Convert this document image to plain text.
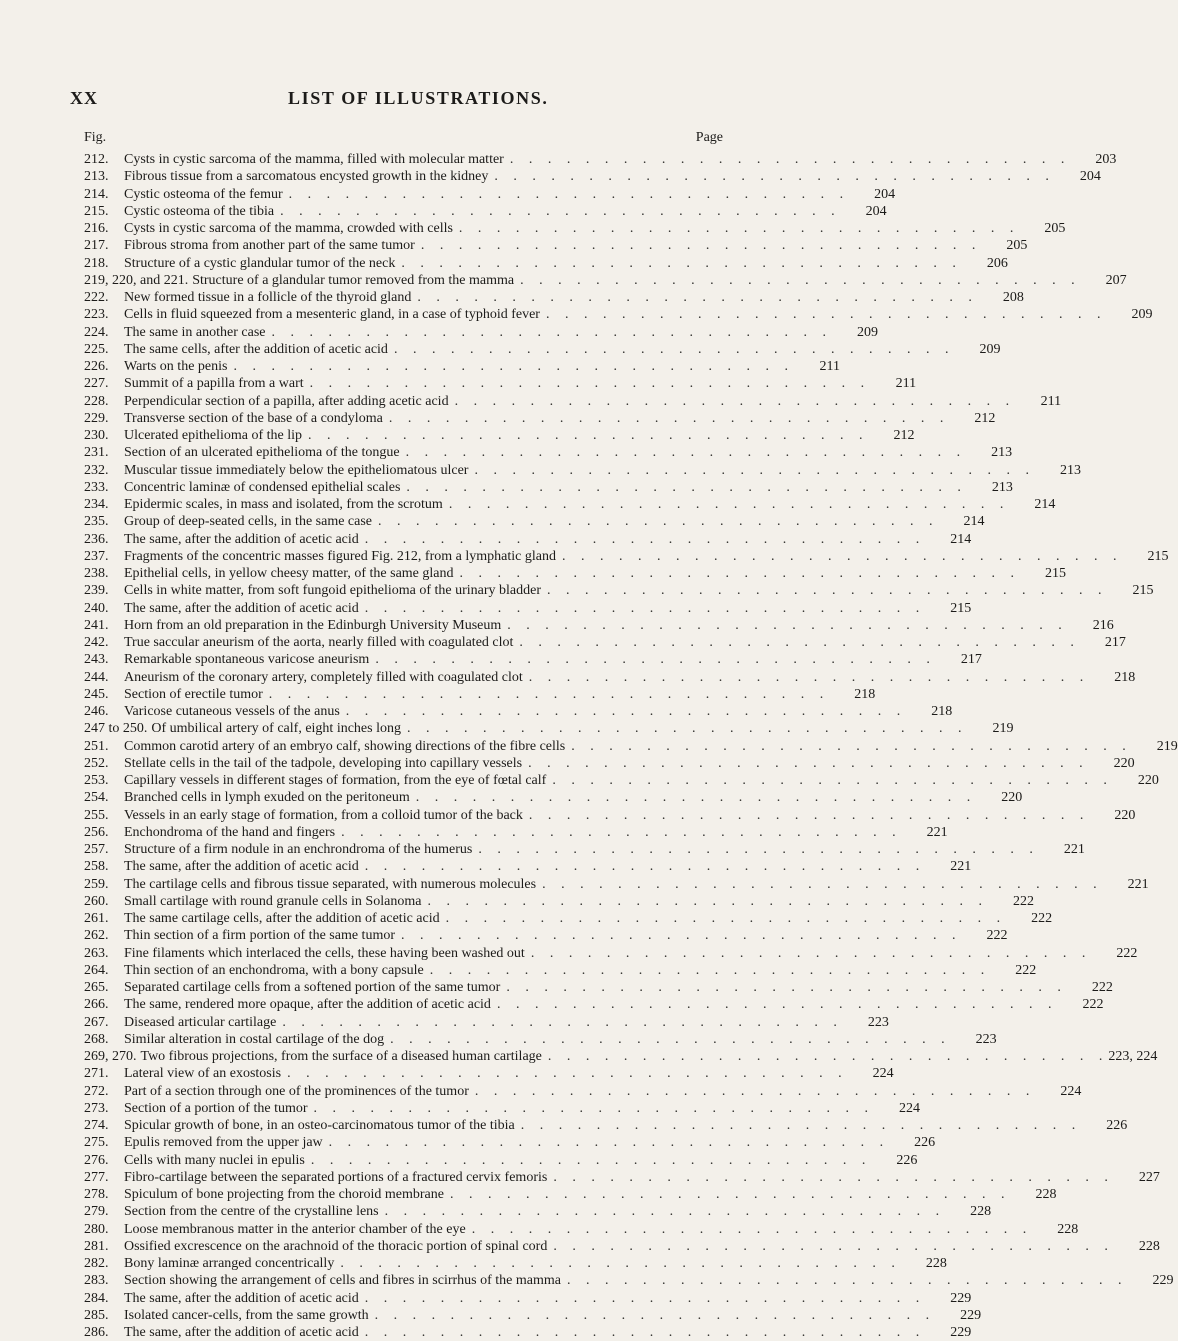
XX	LIST OF ILLUSTRATIONS.
Fig.	Page
212.	Cysts in cystic sarcoma of the mamma, filled with molecular matter . . . . . . . . . . . . . . . . . . . . . . . . . . . . . .	203
213.	Fibrous tissue from a sarcomatous encysted growth in the kidney . . . . . . . . . . . . . . . . . . . . . . . . . . . . . .	204
214.	Cystic osteoma of the femur . . . . . . . . . . . . . . . . . . . . . . . . . . . . . .	204
215.	Cystic osteoma of the tibia . . . . . . . . . . . . . . . . . . . . . . . . . . . . . .	204
216.	Cysts in cystic sarcoma of the mamma, crowded with cells . . . . . . . . . . . . . . . . . . . . . . . . . . . . . .	205
217.	Fibrous stroma from another part of the same tumor . . . . . . . . . . . . . . . . . . . . . . . . . . . . . .	205
218.	Structure of a cystic glandular tumor of the neck . . . . . . . . . . . . . . . . . . . . . . . . . . . . . .	206
219, 220, and 221. Structure of a glandular tumor removed from the mamma . . . . . . . . . . . . . . . . . . . . . . . . . . . . . .	207
222.	New formed tissue in a follicle of the thyroid gland . . . . . . . . . . . . . . . . . . . . . . . . . . . . . .	208
223.	Cells in fluid squeezed from a mesenteric gland, in a case of typhoid fever . . . . . . . . . . . . . . . . . . . . . . . . . . . . . .	209
224.	The same in another case . . . . . . . . . . . . . . . . . . . . . . . . . . . . . .	209
225.	The same cells, after the addition of acetic acid . . . . . . . . . . . . . . . . . . . . . . . . . . . . . .	209
226.	Warts on the penis . . . . . . . . . . . . . . . . . . . . . . . . . . . . . .	211
227.	Summit of a papilla from a wart . . . . . . . . . . . . . . . . . . . . . . . . . . . . . .	211
228.	Perpendicular section of a papilla, after adding acetic acid . . . . . . . . . . . . . . . . . . . . . . . . . . . . . .	211
229.	Transverse section of the base of a condyloma . . . . . . . . . . . . . . . . . . . . . . . . . . . . . .	212
230.	Ulcerated epithelioma of the lip . . . . . . . . . . . . . . . . . . . . . . . . . . . . . .	212
231.	Section of an ulcerated epithelioma of the tongue . . . . . . . . . . . . . . . . . . . . . . . . . . . . . .	213
232.	Muscular tissue immediately below the epitheliomatous ulcer . . . . . . . . . . . . . . . . . . . . . . . . . . . . . .	213
233.	Concentric laminæ of condensed epithelial scales . . . . . . . . . . . . . . . . . . . . . . . . . . . . . .	213
234.	Epidermic scales, in mass and isolated, from the scrotum . . . . . . . . . . . . . . . . . . . . . . . . . . . . . .	214
235.	Group of deep-seated cells, in the same case . . . . . . . . . . . . . . . . . . . . . . . . . . . . . .	214
236.	The same, after the addition of acetic acid . . . . . . . . . . . . . . . . . . . . . . . . . . . . . .	214
237.	Fragments of the concentric masses figured Fig. 212, from a lymphatic gland . . . . . . . . . . . . . . . . . . . . . . . . . . . . . .	215
238.	Epithelial cells, in yellow cheesy matter, of the same gland . . . . . . . . . . . . . . . . . . . . . . . . . . . . . .	215
239.	Cells in white matter, from soft fungoid epithelioma of the urinary bladder . . . . . . . . . . . . . . . . . . . . . . . . . . . . . .	215
240.	The same, after the addition of acetic acid . . . . . . . . . . . . . . . . . . . . . . . . . . . . . .	215
241.	Horn from an old preparation in the Edinburgh University Museum . . . . . . . . . . . . . . . . . . . . . . . . . . . . . .	216
242.	True saccular aneurism of the aorta, nearly filled with coagulated clot . . . . . . . . . . . . . . . . . . . . . . . . . . . . . .	217
243.	Remarkable spontaneous varicose aneurism . . . . . . . . . . . . . . . . . . . . . . . . . . . . . .	217
244.	Aneurism of the coronary artery, completely filled with coagulated clot . . . . . . . . . . . . . . . . . . . . . . . . . . . . . .	218
245.	Section of erectile tumor . . . . . . . . . . . . . . . . . . . . . . . . . . . . . .	218
246.	Varicose cutaneous vessels of the anus . . . . . . . . . . . . . . . . . . . . . . . . . . . . . .	218
247 to 250. Of umbilical artery of calf, eight inches long . . . . . . . . . . . . . . . . . . . . . . . . . . . . . .	219
251.	Common carotid artery of an embryo calf, showing directions of the fibre cells . . . . . . . . . . . . . . . . . . . . . . . . . . . . . .	219
252.	Stellate cells in the tail of the tadpole, developing into capillary vessels . . . . . . . . . . . . . . . . . . . . . . . . . . . . . .	220
253.	Capillary vessels in different stages of formation, from the eye of fœtal calf . . . . . . . . . . . . . . . . . . . . . . . . . . . . . .	220
254.	Branched cells in lymph exuded on the peritoneum . . . . . . . . . . . . . . . . . . . . . . . . . . . . . .	220
255.	Vessels in an early stage of formation, from a colloid tumor of the back . . . . . . . . . . . . . . . . . . . . . . . . . . . . . .	220
256.	Enchondroma of the hand and fingers . . . . . . . . . . . . . . . . . . . . . . . . . . . . . .	221
257.	Structure of a firm nodule in an enchrondroma of the humerus . . . . . . . . . . . . . . . . . . . . . . . . . . . . . .	221
258.	The same, after the addition of acetic acid . . . . . . . . . . . . . . . . . . . . . . . . . . . . . .	221
259.	The cartilage cells and fibrous tissue separated, with numerous molecules . . . . . . . . . . . . . . . . . . . . . . . . . . . . . .	221
260.	Small cartilage with round granule cells in Solanoma . . . . . . . . . . . . . . . . . . . . . . . . . . . . . .	222
261.	The same cartilage cells, after the addition of acetic acid . . . . . . . . . . . . . . . . . . . . . . . . . . . . . .	222
262.	Thin section of a firm portion of the same tumor . . . . . . . . . . . . . . . . . . . . . . . . . . . . . .	222
263.	Fine filaments which interlaced the cells, these having been washed out . . . . . . . . . . . . . . . . . . . . . . . . . . . . . .	222
264.	Thin section of an enchondroma, with a bony capsule . . . . . . . . . . . . . . . . . . . . . . . . . . . . . .	222
265.	Separated cartilage cells from a softened portion of the same tumor . . . . . . . . . . . . . . . . . . . . . . . . . . . . . .	222
266.	The same, rendered more opaque, after the addition of acetic acid . . . . . . . . . . . . . . . . . . . . . . . . . . . . . .	222
267.	Diseased articular cartilage . . . . . . . . . . . . . . . . . . . . . . . . . . . . . .	223
268.	Similar alteration in costal cartilage of the dog . . . . . . . . . . . . . . . . . . . . . . . . . . . . . .	223
269, 270. Two fibrous projections, from the surface of a diseased human cartilage . . . . . . . . . . . . . . . . . . . . . . . . . . . . . . 223, 224
271.	Lateral view of an exostosis . . . . . . . . . . . . . . . . . . . . . . . . . . . . . .	224
272.	Part of a section through one of the prominences of the tumor . . . . . . . . . . . . . . . . . . . . . . . . . . . . . .	224
273.	Section of a portion of the tumor . . . . . . . . . . . . . . . . . . . . . . . . . . . . . .	224
274.	Spicular growth of bone, in an osteo-carcinomatous tumor of the tibia . . . . . . . . . . . . . . . . . . . . . . . . . . . . . .	226
275.	Epulis removed from the upper jaw . . . . . . . . . . . . . . . . . . . . . . . . . . . . . .	226
276.	Cells with many nuclei in epulis . . . . . . . . . . . . . . . . . . . . . . . . . . . . . .	226
277.	Fibro-cartilage between the separated portions of a fractured cervix femoris . . . . . . . . . . . . . . . . . . . . . . . . . . . . . .	227
278.	Spiculum of bone projecting from the choroid membrane . . . . . . . . . . . . . . . . . . . . . . . . . . . . . .	228
279.	Section from the centre of the crystalline lens . . . . . . . . . . . . . . . . . . . . . . . . . . . . . .	228
280.	Loose membranous matter in the anterior chamber of the eye . . . . . . . . . . . . . . . . . . . . . . . . . . . . . .	228
281.	Ossified excrescence on the arachnoid of the thoracic portion of spinal cord . . . . . . . . . . . . . . . . . . . . . . . . . . . . . .	228
282.	Bony laminæ arranged concentrically . . . . . . . . . . . . . . . . . . . . . . . . . . . . . .	228
283.	Section showing the arrangement of cells and fibres in scirrhus of the mamma . . . . . . . . . . . . . . . . . . . . . . . . . . . . . .	229
284.	The same, after the addition of acetic acid . . . . . . . . . . . . . . . . . . . . . . . . . . . . . .	229
285.	Isolated cancer-cells, from the same growth . . . . . . . . . . . . . . . . . . . . . . . . . . . . . .	229
286.	The same, after the addition of acetic acid . . . . . . . . . . . . . . . . . . . . . . . . . . . . . .	229
